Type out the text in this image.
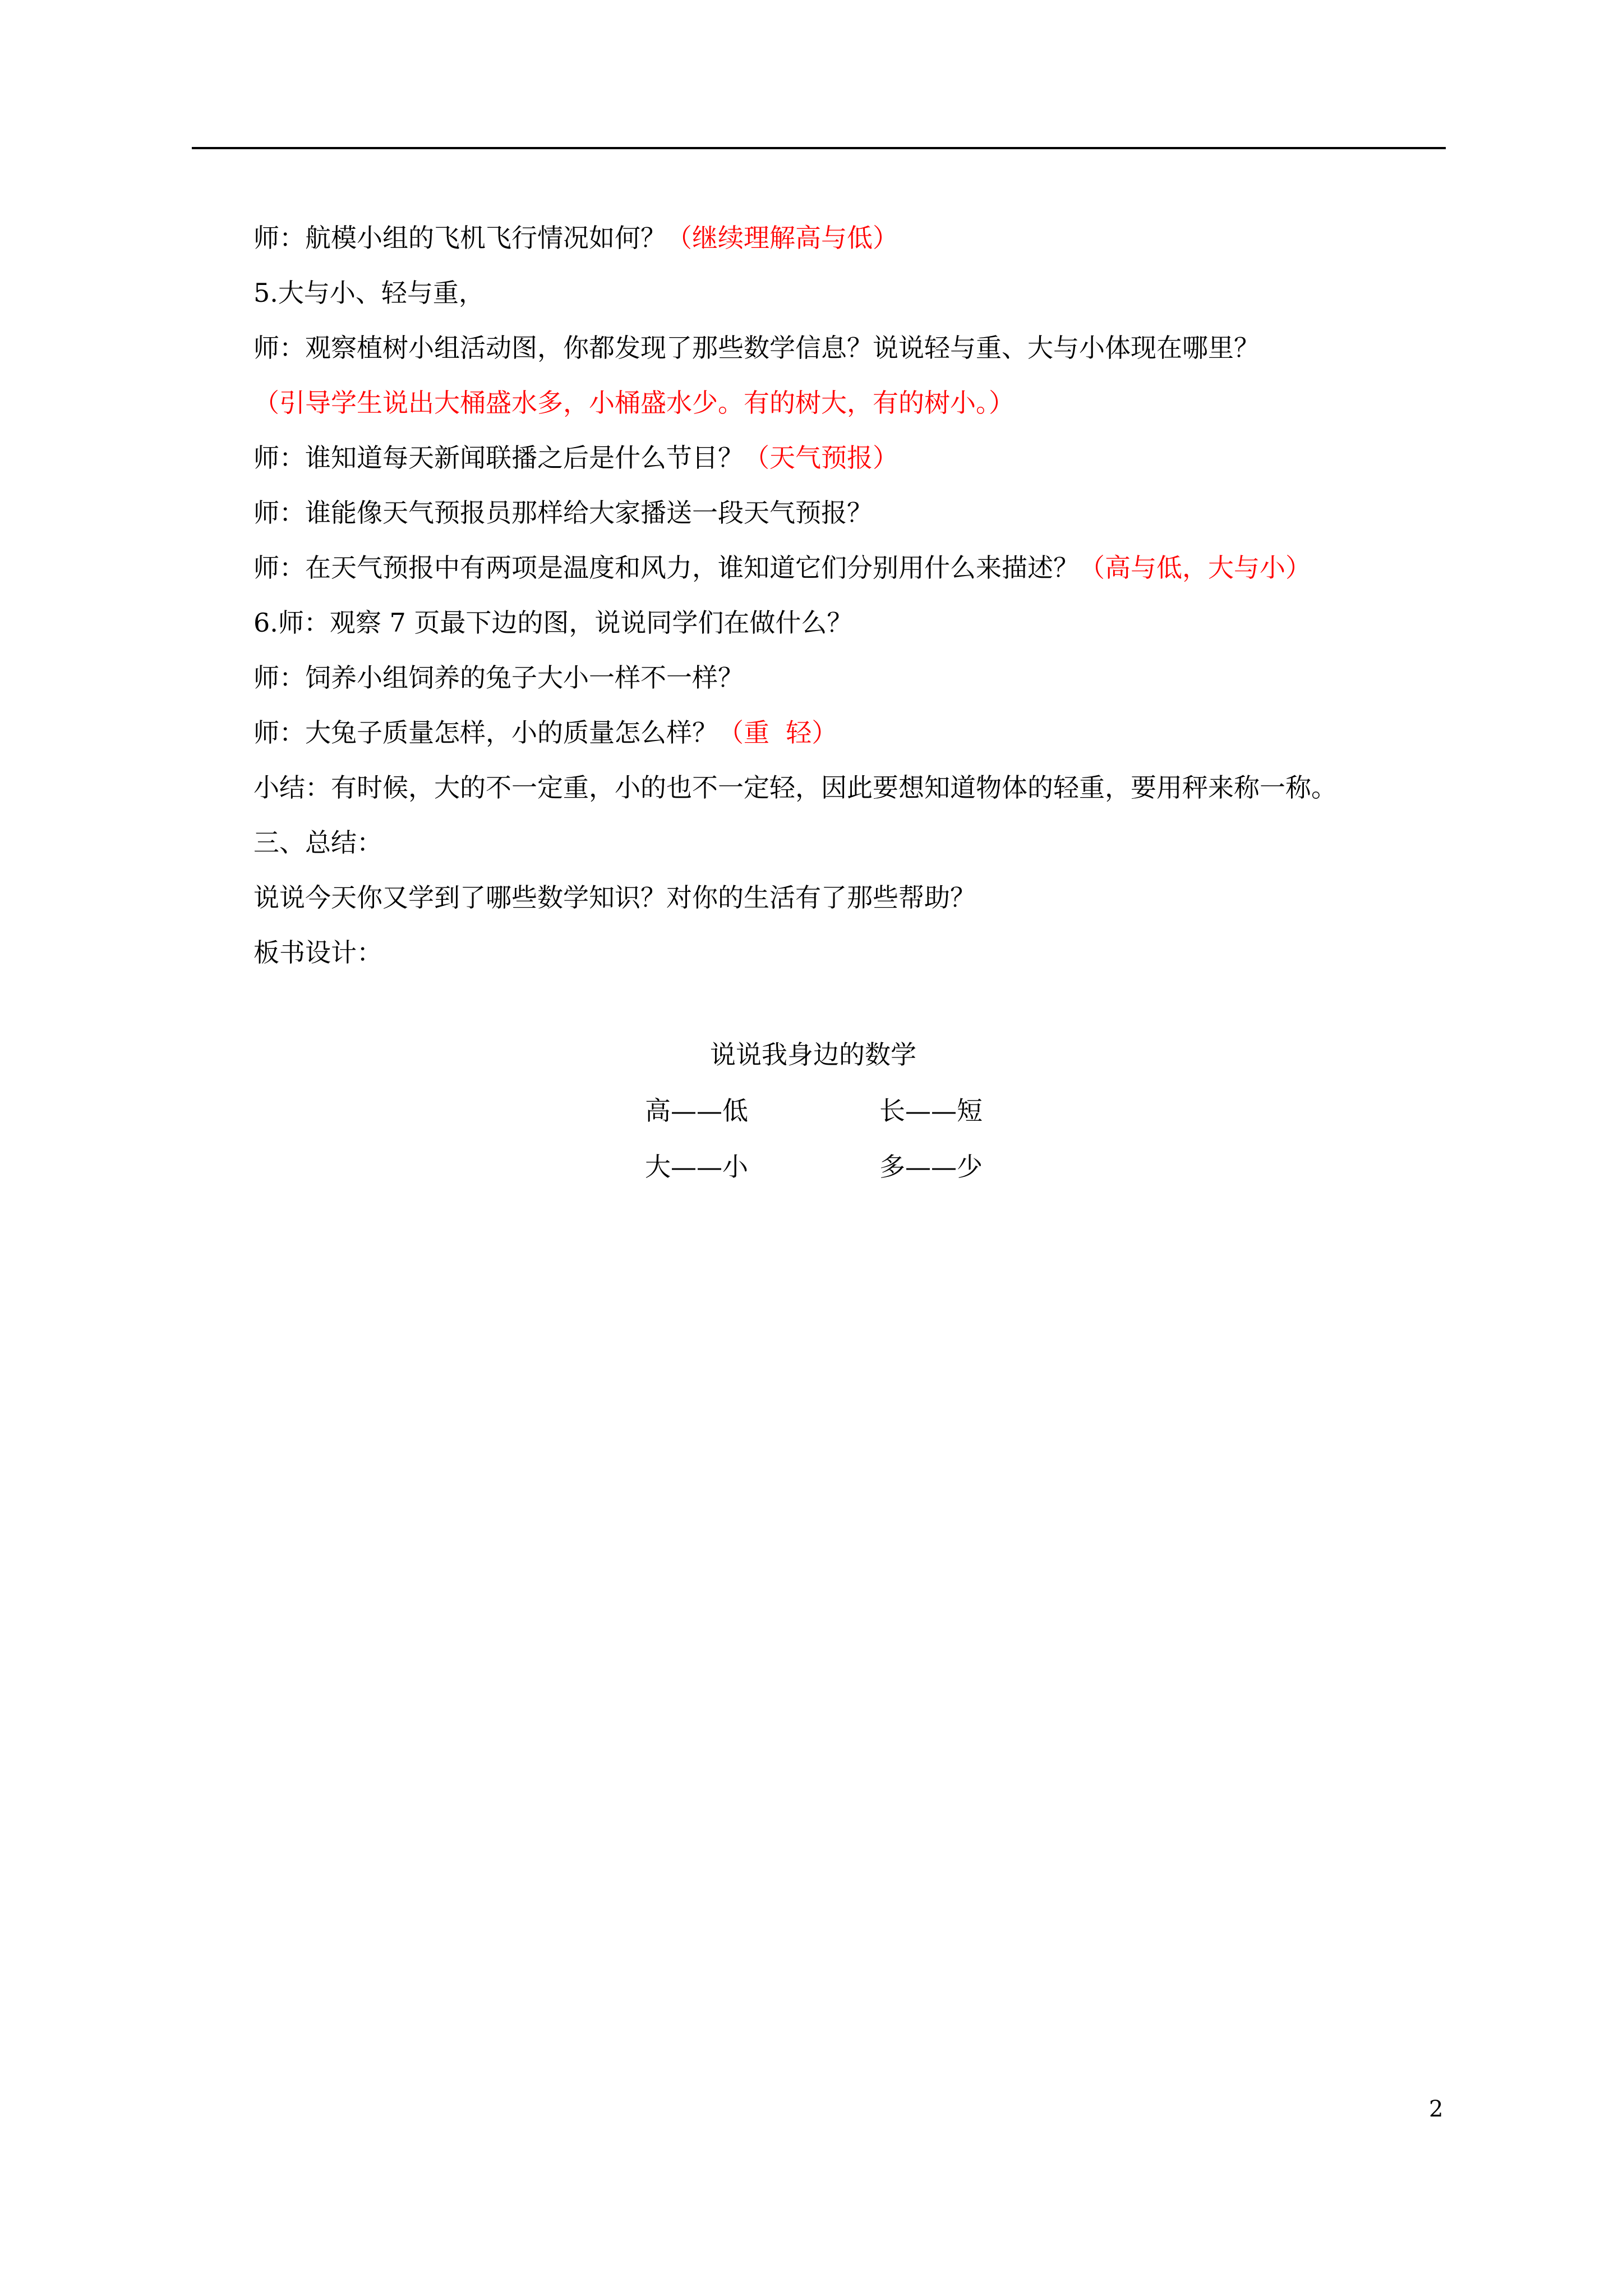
师：航模小组的飞机飞行情况如何？（继续理解高与低）
5.大与小、轻与重，
师：观察植树小组活动图，你都发现了那些数学信息？说说轻与重、大与小体现在哪里？
（引导学生说出大桶盛水多，小桶盛水少。有的树大，有的树小。）
师：谁知道每天新闻联播之后是什么节目？（天气预报）
师：谁能像天气预报员那样给大家播送一段天气预报？
师：在天气预报中有两项是温度和风力，谁知道它们分别用什么来描述？（高与低，大与小）
6.师：观察 7 页最下边的图，说说同学们在做什么？
师：饲养小组饲养的兔子大小一样不一样？
师：大兔子质量怎样，小的质量怎么样？（重  轻）
小结：有时候，大的不一定重，小的也不一定轻，因此要想知道物体的轻重，要用秤来称一称。
三、总结：
说说今天你又学到了哪些数学知识？对你的生活有了那些帮助？
板书设计：
说说我身边的数学
高——低	长——短
大——小	多——少
2
